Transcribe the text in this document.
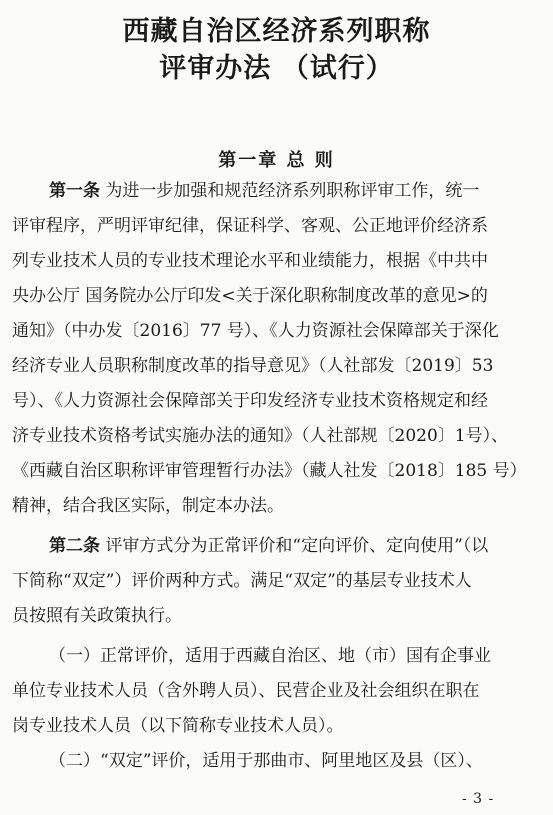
西藏自治区经济系列职称
评审办法 （试行）
第一章 总 则
第一条 为进一步加强和规范经济系列职称评审工作，统一
评审程序，严明评审纪律，保证科学、客观、公正地评价经济系
列专业技术人员的专业技术理论水平和业绩能力，根据《中共中
央办公厅 国务院办公厅印发<关于深化职称制度改革的意见>的
通知》（中办发〔2016〕77 号）、《人力资源社会保障部关于深化
经济专业人员职称制度改革的指导意见》（人社部发〔2019〕53
号）、《人力资源社会保障部关于印发经济专业技术资格规定和经
济专业技术资格考试实施办法的通知》（人社部规〔2020〕1号）、
《西藏自治区职称评审管理暂行办法》（藏人社发〔2018〕185 号）
精神，结合我区实际，制定本办法。
第二条 评审方式分为正常评价和“定向评价、定向使用”（以
下简称“双定”）评价两种方式。满足“双定”的基层专业技术人
员按照有关政策执行。
（一）正常评价，适用于西藏自治区、地（市）国有企事业
单位专业技术人员（含外聘人员）、民营企业及社会组织在职在
岗专业技术人员（以下简称专业技术人员）。
（二）“双定”评价，适用于那曲市、阿里地区及县（区）、
- 3 -
